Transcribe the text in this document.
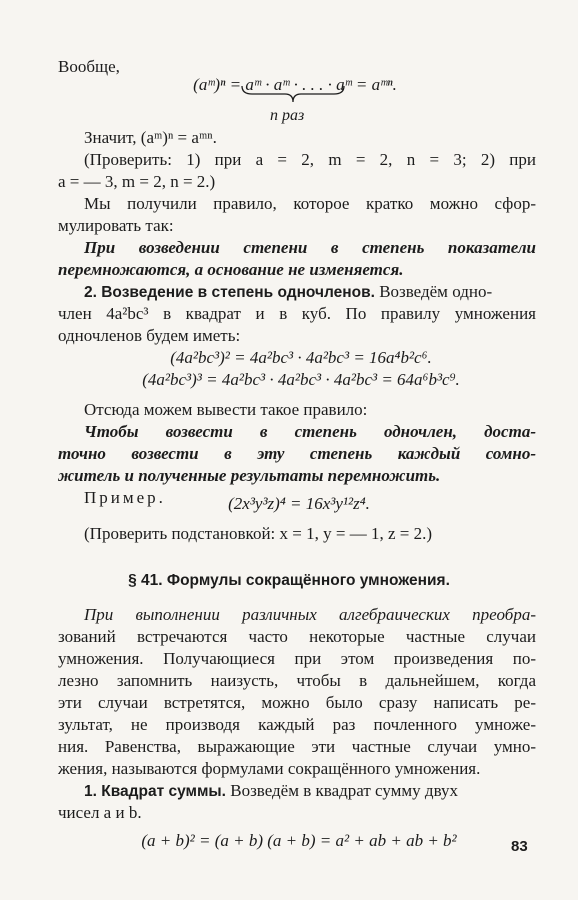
Вообще,
(aᵐ)ⁿ = aᵐ · aᵐ · . . . · aᵐ = aᵐⁿ.
n раз
Значит, (aᵐ)ⁿ = aᵐⁿ.
(Проверить: 1) при a = 2, m = 2, n = 3; 2) при
a = — 3, m = 2, n = 2.)
Мы получили правило, которое кратко можно сфор-
мулировать так:
При возведении степени в степень показатели
перемножаются, а основание не изменяется.
2. Возведение в степень одночленов. Возведём одно-
член 4a²bc³ в квадрат и в куб. По правилу умножения
одночленов будем иметь:
(4a²bc³)² = 4a²bc³ · 4a²bc³ = 16a⁴b²c⁶.
(4a²bc³)³ = 4a²bc³ · 4a²bc³ · 4a²bc³ = 64a⁶b³c⁹.
Отсюда можем вывести такое правило:
Чтобы возвести в степень одночлен, доста-
точно возвести в эту степень каждый сомно-
житель и полученные результаты перемножить.
Пример.	(2x³y³z)⁴ = 16x³y¹²z⁴.
(Проверить подстановкой: x = 1, y = — 1, z = 2.)
§ 41. Формулы сокращённого умножения.
При выполнении различных алгебраических преобра-
зований встречаются часто некоторые частные случаи
умножения. Получающиеся при этом произведения по-
лезно запомнить наизусть, чтобы в дальнейшем, когда
эти случаи встретятся, можно было сразу написать ре-
зультат, не производя каждый раз почленного умноже-
ния. Равенства, выражающие эти частные случаи умно-
жения, называются формулами сокращённого умножения.
1. Квадрат суммы. Возведём в квадрат сумму двух
чисел a и b.
(a + b)² = (a + b) (a + b) = a² + ab + ab + b²	83
